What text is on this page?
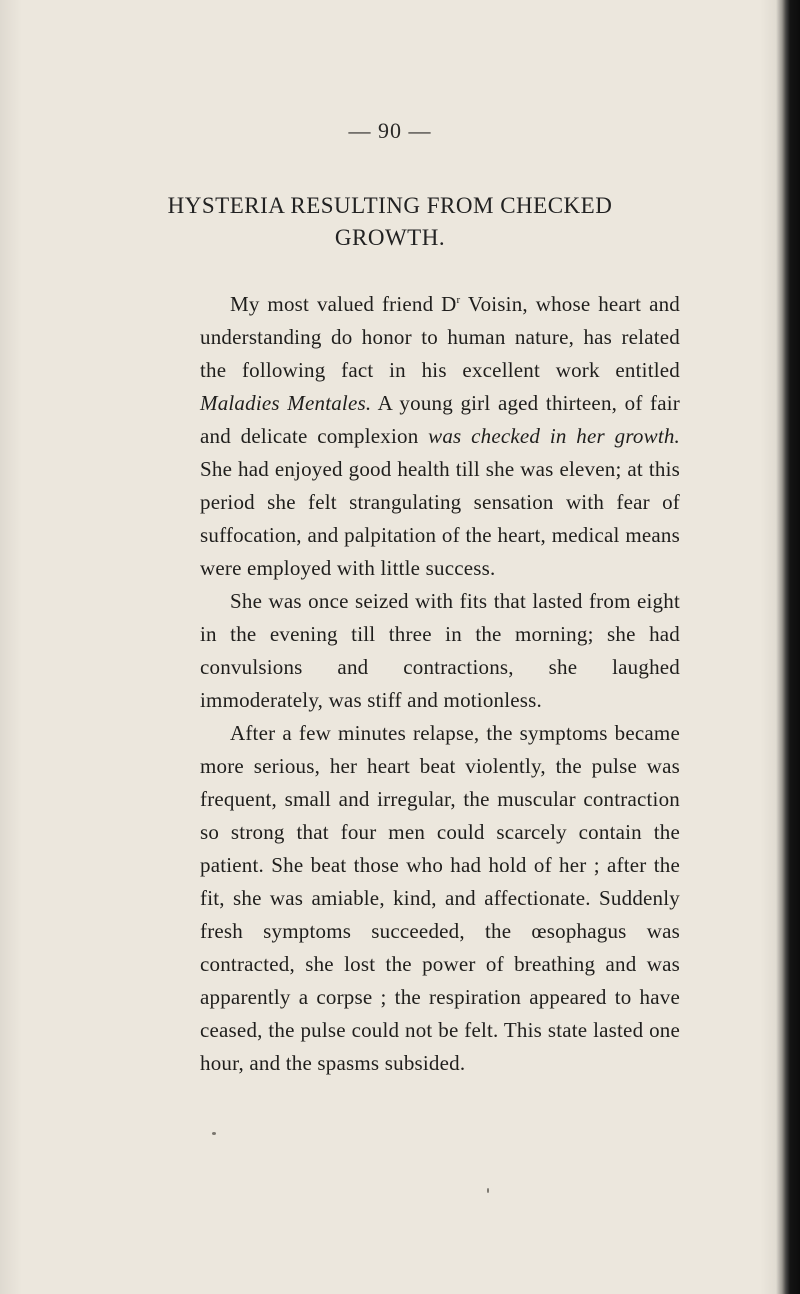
— 90 —
HYSTERIA RESULTING FROM CHECKED GROWTH.

My most valued friend $D^r$ Voisin, whose heart and understanding do honor to human nature, has related the following fact in his excellent work entitled Maladies Mentales. A young girl aged thirteen, of fair and delicate complexion was checked in her growth. She had enjoyed good health till she was eleven; at this period she felt strangulating sensation with fear of suffocation, and palpitation of the heart, medical means were employed with little success.

She was once seized with fits that lasted from eight in the evening till three in the morning; she had convulsions and contractions, she laughed immoderately, was stiff and motionless.

After a few minutes relapse, the symptoms became more serious, her heart beat violently, the pulse was frequent, small and irregular, the muscular contraction so strong that four men could scarcely contain the patient. She beat those who had hold of her ; after the fit, she was amiable, kind, and affectionate. Suddenly fresh symptoms succeeded, the œsophagus was contracted, she lost the power of breathing and was apparently a corpse ; the respiration appeared to have ceased, the pulse could not be felt. This state lasted one hour, and the spasms subsided.
